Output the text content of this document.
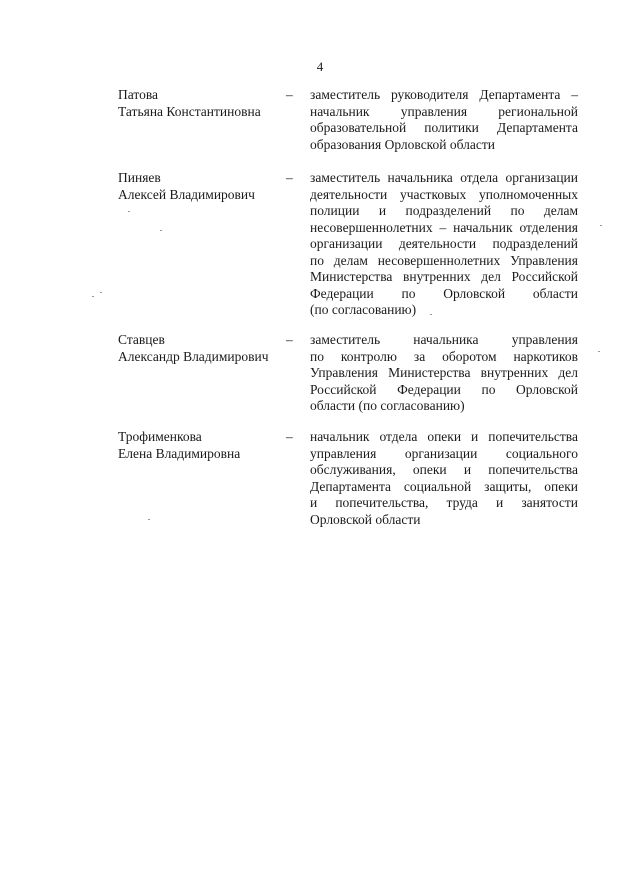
4
Патова
Татьяна Константиновна
– заместитель руководителя Департамента –
начальник управления региональной
образовательной политики Департамента
образования Орловской области
Пиняев
Алексей Владимирович
– заместитель начальника отдела организации
деятельности участковых уполномоченных
полиции и подразделений по делам
несовершеннолетних – начальник отделения
организации деятельности подразделений
по делам несовершеннолетних Управления
Министерства внутренних дел Российской
Федерации по Орловской области
(по согласованию)
Ставцев
Александр Владимирович
– заместитель начальника управления
по контролю за оборотом наркотиков
Управления Министерства внутренних дел
Российской Федерации по Орловской
области (по согласованию)
Трофименкова
Елена Владимировна
– начальник отдела опеки и попечительства
управления организации социального
обслуживания, опеки и попечительства
Департамента социальной защиты, опеки
и попечительства, труда и занятости
Орловской области
